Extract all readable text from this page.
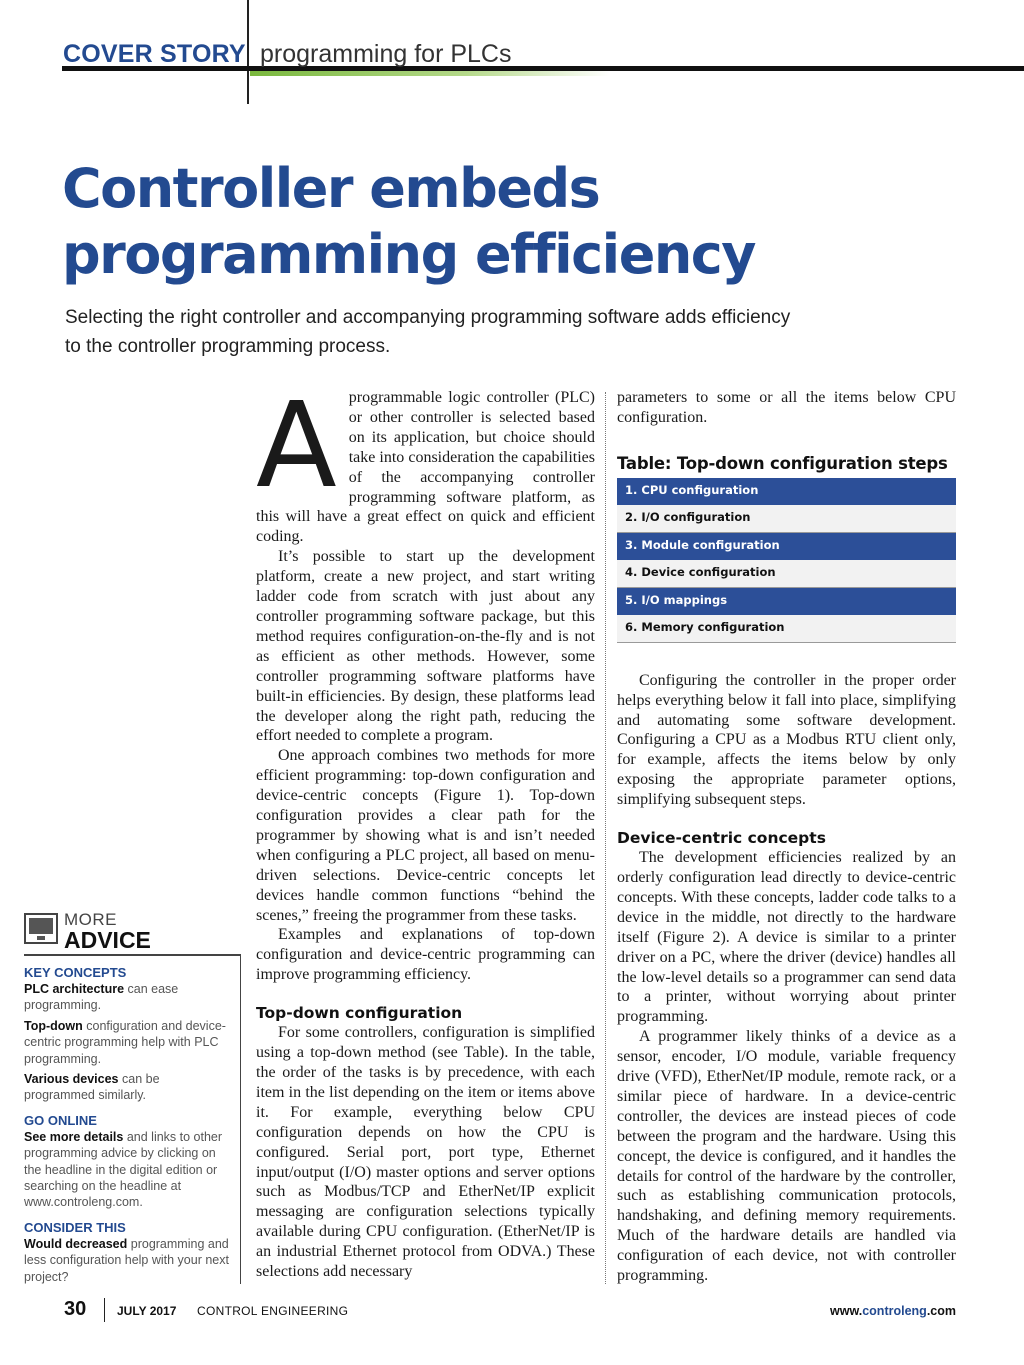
COVER STORY programming for PLCs
Controller embeds
programming efficiency

Selecting the right controller and accompanying programming software adds efficiency
to the controller programming process.

Aprogrammable logic controller (PLC) or other controller is selected based on its application, but choice should take into consideration the capabilities of the accompanying controller programming software platform, as this will have a great effect on quick and efficient coding.

It’s possible to start up the development platform, create a new project, and start writing ladder code from scratch with just about any controller programming software package, but this method requires configuration-on-the-fly and is not as efficient as other methods. However, some controller programming software platforms have built-in efficiencies. By design, these platforms lead the developer along the right path, reducing the effort needed to complete a program.

One approach combines two methods for more efficient programming: top-down configuration and device-centric concepts (Figure 1). Top-down configuration provides a clear path for the programmer by showing what is and isn’t needed when configuring a PLC project, all based on menu-driven selections. Device-centric concepts let devices handle common functions “behind the scenes,” freeing the programmer from these tasks.

Examples and explanations of top-down configuration and device-centric programming can improve programming efficiency.

Top-down configuration

For some controllers, configuration is simplified using a top-down method (see Table). In the table, the order of the tasks is by precedence, with each item in the list depending on the item or items above it. For example, everything below CPU configuration depends on how the CPU is configured. Serial port, port type, Ethernet input/output (I/O) master options and server options such as Modbus/TCP and EtherNet/IP explicit messaging are configuration selections typically available during CPU configuration. (EtherNet/IP is an industrial Ethernet protocol from ODVA.) These selections add necessary

parameters to some or all the items below CPU configuration.

Table: Top-down configuration steps
1. CPU configuration
2. I/O configuration
3. Module configuration
4. Device configuration
5. I/O mappings
6. Memory configuration

Configuring the controller in the proper order helps everything below it fall into place, simplifying and automating some software development. Configuring a CPU as a Modbus RTU client only, for example, affects the items below by only exposing the appropriate parameter options, simplifying subsequent steps.

Device-centric concepts

The development efficiencies realized by an orderly configuration lead directly to device-centric concepts. With these concepts, ladder code talks to a device in the middle, not directly to the hardware itself (Figure 2). A device is similar to a printer driver on a PC, where the driver (device) handles all the low-level details so a programmer can send data to a printer, without worrying about printer programming.

A programmer likely thinks of a device as a sensor, encoder, I/O module, variable frequency drive (VFD), EtherNet/IP module, remote rack, or a similar piece of hardware. In a device-centric controller, the devices are instead pieces of code between the program and the hardware. Using this concept, the device is configured, and it handles the details for control of the hardware by the controller, such as establishing communication protocols, handshaking, and defining memory requirements. Much of the hardware details are handled via configuration of each device, not with controller programming.

MORE
ADVICE

KEY CONCEPTS

PLC architecture can ease programming.

Top-down configuration and device-centric programming help with PLC programming.

Various devices can be programmed similarly.

GO ONLINE

See more details and links to other programming advice by clicking on the headline in the digital edition or searching on the headline at www.controleng.com.

CONSIDER THIS

Would decreased programming and less configuration help with your next project?

30	JULY 2017 CONTROL ENGINEERING	www.controleng.com
